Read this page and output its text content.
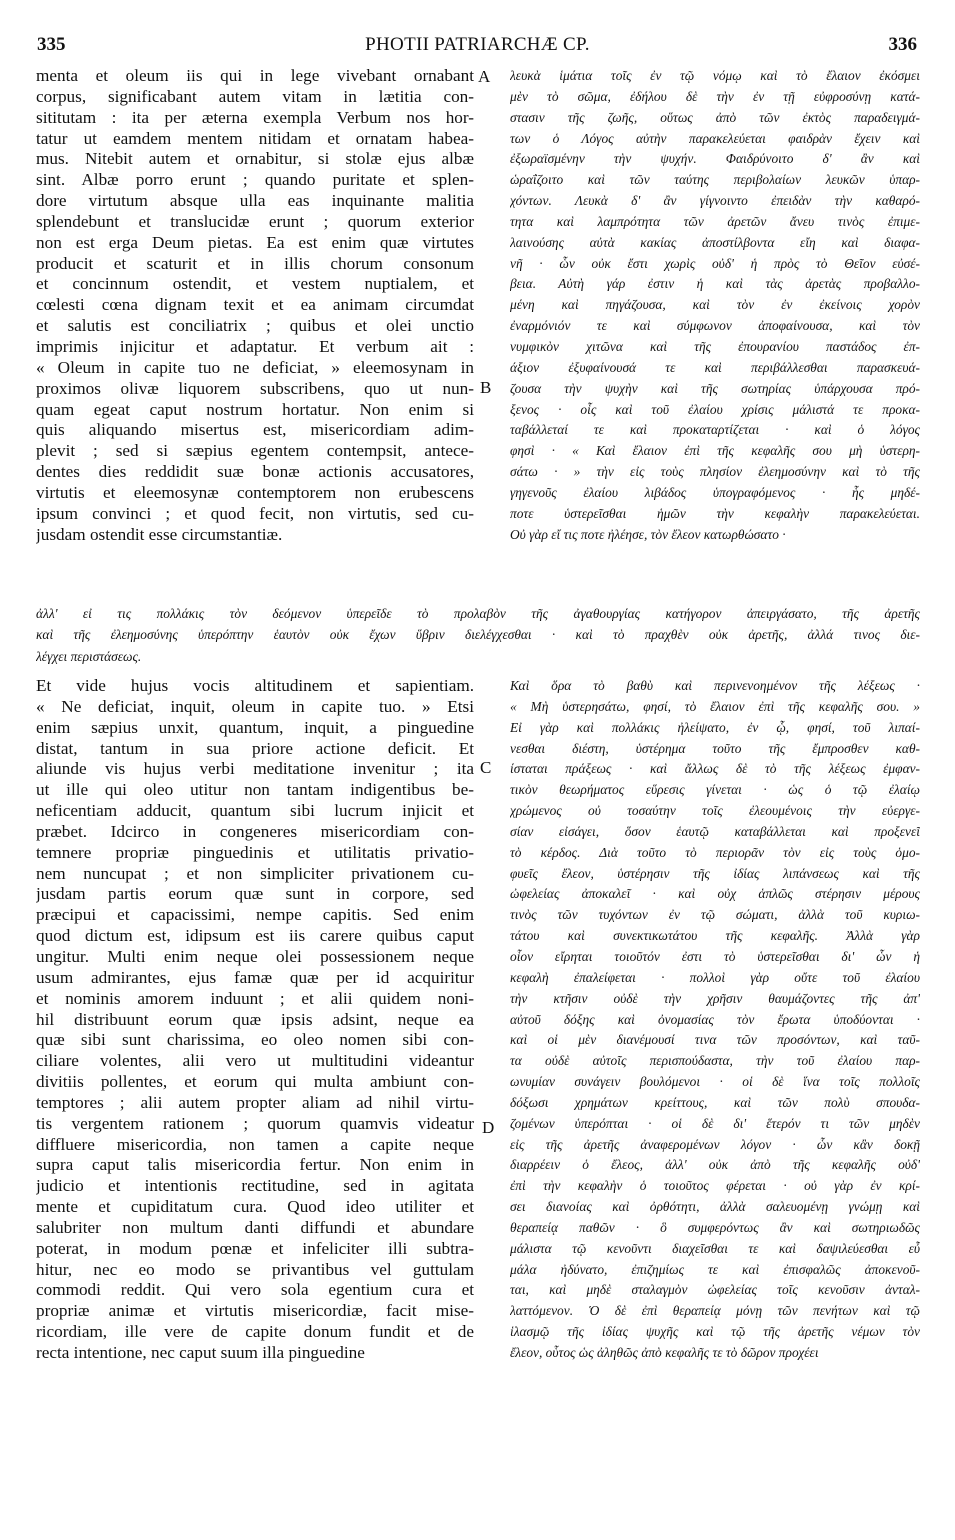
335	PHOTII PATRIARCHÆ CP.	336
menta et oleum iis qui in lege vivebant ornabant
corpus, significabant autem vitam in lætitia con-
sititutam : ita per æterna exempla Verbum nos hor-
tatur ut eamdem mentem nitidam et ornatam habea-
mus. Nitebit autem et ornabitur, si stolæ ejus albæ
sint. Albæ porro erunt ; quando puritate et splen-
dore virtutum absque ulla eas inquinante malitia
splendebunt et translucidæ erunt ; quorum exterior
non est erga Deum pietas. Ea est enim quæ virtutes
producit et scaturit et in illis chorum consonum
et concinnum ostendit, et vestem nuptialem, et
cœlesti cœna dignam texit et ea animam circumdat
et salutis est conciliatrix ; quibus et olei unctio
imprimis injicitur et adaptatur. Et verbum ait :
« Oleum in capite tuo ne deficiat, » eleemosynam in
proximos olivæ liquorem subscribens, quo ut nun-
quam egeat caput nostrum hortatur. Non enim si
quis aliquando misertus est, misericordiam adim-
plevit ; sed si sæpius egentem contempsit, antece-
dentes dies reddidit suæ bonæ actionis accusatores,
virtutis et eleemosynæ contemptorem non erubescens
ipsum convinci ; et quod fecit, non virtutis, sed cu-
jusdam ostendit esse circumstantiæ.
λευκὰ ἱμάτια τοῖς ἐν τῷ νόμῳ καὶ τὸ ἔλαιον ἐκόσμει
μὲν τὸ σῶμα, ἐδήλου δὲ τὴν ἐν τῇ εὐφροσύνῃ κατά-
στασιν τῆς ζωῆς, οὕτως ἀπὸ τῶν ἐκτὸς παραδειγμά-
των ὁ Λόγος αὐτὴν παρακελεύεται φαιδρὰν ἔχειν καὶ
ἐξωραϊσμένην τὴν ψυχήν. Φαιδρύνοιτο δ' ἂν καὶ
ὡραΐζοιτο καὶ τῶν ταύτης περιβολαίων λευκῶν ὑπαρ-
χόντων. Λευκὰ δ' ἂν γίγνοιντο ἐπειδὰν τὴν καθαρό-
τητα καὶ λαμπρότητα τῶν ἀρετῶν ἄνευ τινὸς ἐπιμε-
λαινούσης αὐτὰ κακίας ἀποστίλβοντα εἴη καὶ διαφα-
νῆ · ὧν οὐκ ἔστι χωρὶς οὐδ' ἡ πρὸς τὸ Θεῖον εὐσέ-
βεια. Αὐτὴ γάρ ἐστιν ἡ καὶ τὰς ἀρετὰς προβαλλο-
μένη καὶ πηγάζουσα, καὶ τὸν ἐν ἐκείνοις χορὸν
ἐναρμόνιόν τε καὶ σύμφωνον ἀποφαίνουσα, καὶ τὸν
νυμφικὸν χιτῶνα καὶ τῆς ἐπουρανίου παστάδος ἐπ-
άξιον ἐξυφαίνουσά τε καὶ περιβάλλεσθαι παρασκευά-
ζουσα τὴν ψυχὴν καὶ τῆς σωτηρίας ὑπάρχουσα πρό-
ξενος · οἷς καὶ τοῦ ἐλαίου χρίσις μάλιστά τε προκα-
ταβάλλεταί τε καὶ προκαταρτίζεται · καὶ ὁ λόγος
φησὶ · « Καὶ ἔλαιον ἐπὶ τῆς κεφαλῆς σου μὴ ὑστερη-
σάτω · » τὴν εἰς τοὺς πλησίον ἐλεημοσύνην καὶ τὸ τῆς
γηγενοῦς ἐλαίου λιβάδος ὑπογραφόμενος · ἧς μηδέ-
ποτε ὑστερεῖσθαι ἡμῶν τὴν κεφαλὴν παρακελεύεται.
Οὐ γὰρ εἴ τις ποτε ἠλέησε, τὸν ἔλεον κατωρθώσατο ·
A
B
ἀλλ' εἰ τις πολλάκις τὸν δεόμενον ὑπερεῖδε τὸ προλαβὸν τῆς ἀγαθουργίας κατήγορον ἀπειργάσατο, τῆς ἀρετῆς
καὶ τῆς ἐλεημοσύνης ὑπερόπτην ἑαυτὸν οὐκ ἔχων ὕβριν διελέγχεσθαι · καὶ τὸ πραχθὲν οὐκ ἀρετῆς, ἀλλά τινος διε-
λέγχει περιστάσεως.
Et vide hujus vocis altitudinem et sapientiam.
« Ne deficiat, inquit, oleum in capite tuo. » Etsi
enim sæpius unxit, quantum, inquit, a pinguedine
distat, tantum in sua priore actione deficit. Et
aliunde vis hujus verbi meditatione invenitur ; ita
ut ille qui oleo utitur non tantam indigentibus be-
neficentiam adducit, quantum sibi lucrum injicit et
præbet. Idcirco in congeneres misericordiam con-
temnere propriæ pinguedinis et utilitatis privatio-
nem nuncupat ; et non simpliciter privationem cu-
jusdam partis eorum quæ sunt in corpore, sed
præcipui et capacissimi, nempe capitis. Sed enim
quod dictum est, idipsum est iis carere quibus caput
ungitur. Multi enim neque olei possessionem neque
usum admirantes, ejus famæ quæ per id acquiritur
et nominis amorem induunt ; et alii quidem noni-
hil distribuunt eorum quæ ipsis adsint, neque ea
quæ sibi sunt charissima, eo oleo nomen sibi con-
ciliare volentes, alii vero ut multitudini videantur
divitiis pollentes, et eorum qui multa ambiunt con-
temptores ; alii autem propter aliam ad nihil virtu-
tis vergentem rationem ; quorum quamvis videatur
diffluere misericordia, non tamen a capite neque
supra caput talis misericordia fertur. Non enim in
judicio et intentionis rectitudine, sed in agitata
mente et cupiditatum cura. Quod ideo utiliter et
salubriter non multum danti diffundi et abundare
poterat, in modum pœnæ et infeliciter illi subtra-
hitur, nec eo modo se privantibus vel guttulam
commodi reddit. Qui vero sola egentium cura et
propriæ animæ et virtutis misericordiæ, facit mise-
ricordiam, ille vere de capite donum fundit et de
recta intentione, nec caput suum illa pinguedine
Καὶ ὅρα τὸ βαθὺ καὶ περινενοημένον τῆς λέξεως ·
« Μὴ ὑστερησάτω, φησί, τὸ ἔλαιον ἐπὶ τῆς κεφαλῆς σου. »
Εἰ γὰρ καὶ πολλάκις ἠλείψατο, ἐν ᾧ, φησί, τοῦ λιπαί-
νεσθαι διέστη, ὑστέρημα τοῦτο τῆς ἔμπροσθεν καθ-
ίσταται πράξεως · καὶ ἄλλως δὲ τὸ τῆς λέξεως ἐμφαν-
τικὸν θεωρήματος εὕρεσις γίνεται · ὡς ὁ τῷ ἐλαίῳ
χρώμενος οὐ τοσαύτην τοῖς ἐλεουμένοις τὴν εὐεργε-
σίαν εἰσάγει, ὅσον ἑαυτῷ καταβάλλεται καὶ προξενεῖ
τὸ κέρδος. Διὰ τοῦτο τὸ περιορᾶν τὸν εἰς τοὺς ὁμο-
φυεῖς ἔλεον, ὑστέρησιν τῆς ἰδίας λιπάνσεως καὶ τῆς
ὠφελείας ἀποκαλεῖ · καὶ οὐχ ἁπλῶς στέρησιν μέρους
τινὸς τῶν τυχόντων ἐν τῷ σώματι, ἀλλὰ τοῦ κυριω-
τάτου καὶ συνεκτικωτάτου τῆς κεφαλῆς. Ἀλλὰ γὰρ
οἷον εἴρηται τοιοῦτόν ἐστι τὸ ὑστερεῖσθαι δι' ὧν ἡ
κεφαλὴ ἐπαλείφεται · πολλοὶ γὰρ οὔτε τοῦ ἐλαίου
τὴν κτῆσιν οὐδὲ τὴν χρῆσιν θαυμάζοντες τῆς ἀπ'
αὐτοῦ δόξης καὶ ὀνομασίας τὸν ἔρωτα ὑποδύονται ·
καὶ οἱ μὲν διανέμουσί τινα τῶν προσόντων, καὶ ταῦ-
τα οὐδὲ αὐτοῖς περισπούδαστα, τὴν τοῦ ἐλαίου παρ-
ωνυμίαν συνάγειν βουλόμενοι · οἱ δὲ ἵνα τοῖς πολλοῖς
δόξωσι χρημάτων κρείττους, καὶ τῶν πολὺ σπουδα-
ζομένων ὑπερόπται · οἱ δὲ δι' ἕτερόν τι τῶν μηδὲν
εἰς τῆς ἀρετῆς ἀναφερομένων λόγον · ὧν κἂν δοκῇ
διαρρέειν ὁ ἔλεος, ἀλλ' οὐκ ἀπὸ τῆς κεφαλῆς οὐδ'
ἐπὶ τὴν κεφαλὴν ὁ τοιοῦτος φέρεται · οὐ γὰρ ἐν κρί-
σει διανοίας καὶ ὀρθότητι, ἀλλὰ σαλευομένῃ γνώμῃ καὶ
θεραπείᾳ παθῶν · ὃ συμφερόντως ἂν καὶ σωτηριωδῶς
μάλιστα τῷ κενοῦντι διαχεῖσθαι τε καὶ δαψιλεύεσθαι εὖ
μάλα ἠδύνατο, ἐπιζημίως τε καὶ ἐπισφαλῶς ἀποκενοῦ-
ται, καὶ μηδὲ σταλαγμὸν ὠφελείας τοῖς κενοῦσιν ἀνταλ-
λαττόμενον. Ὁ δὲ ἐπὶ θεραπείᾳ μόνῃ τῶν πενήτων καὶ τῷ
ἱλασμῷ τῆς ἰδίας ψυχῆς καὶ τῷ τῆς ἀρετῆς νέμων τὸν
ἔλεον, οὗτος ὡς ἀληθῶς ἀπὸ κεφαλῆς τε τὸ δῶρον προχέει
C
D
